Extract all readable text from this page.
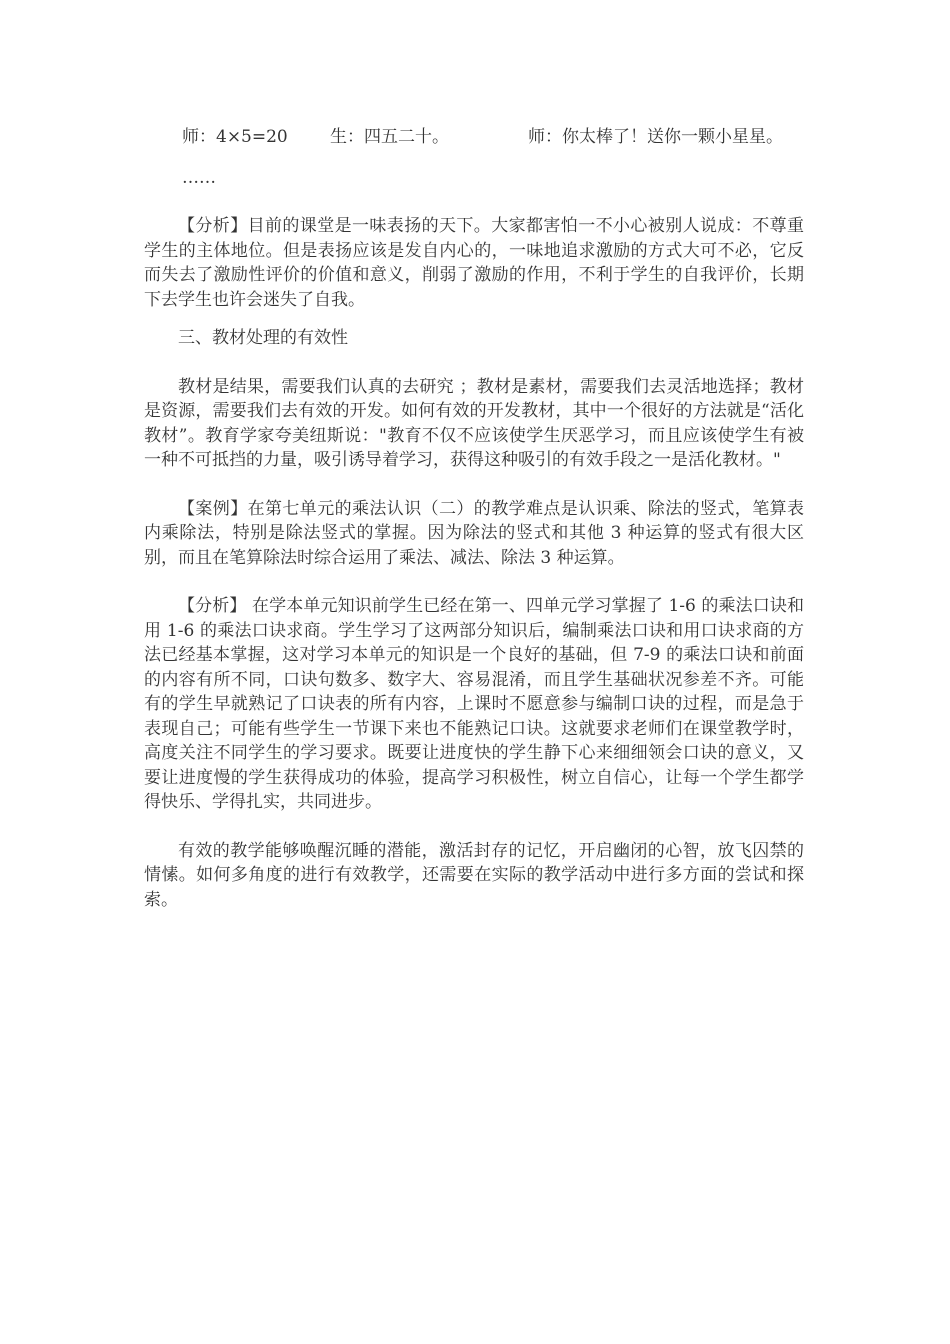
师：4×5=20 生：四五二十。	师：你太棒了！送你一颗小星星。
……

【分析】目前的课堂是一味表扬的天下。大家都害怕一不小心被别人说成：不尊重学生的主体地位。但是表扬应该是发自内心的，一味地追求激励的方式大可不必，它反而失去了激励性评价的价值和意义，削弱了激励的作用，不利于学生的自我评价，长期下去学生也许会迷失了自我。

三、教材处理的有效性

教材是结果，需要我们认真的去研究 ；教材是素材，需要我们去灵活地选择；教材是资源，需要我们去有效的开发。如何有效的开发教材，其中一个很好的方法就是“活化教材”。教育学家夸美纽斯说："教育不仅不应该使学生厌恶学习，而且应该使学生有被一种不可抵挡的力量，吸引诱导着学习，获得这种吸引的有效手段之一是活化教材。"

【案例】在第七单元的乘法认识（二）的教学难点是认识乘、除法的竖式，笔算表内乘除法，特别是除法竖式的掌握。因为除法的竖式和其他 3 种运算的竖式有很大区别，而且在笔算除法时综合运用了乘法、减法、除法 3 种运算。

【分析】 在学本单元知识前学生已经在第一、四单元学习掌握了 1-6 的乘法口诀和用 1-6 的乘法口诀求商。学生学习了这两部分知识后，编制乘法口诀和用口诀求商的方法已经基本掌握，这对学习本单元的知识是一个良好的基础，但 7-9 的乘法口诀和前面的内容有所不同，口诀句数多、数字大、容易混淆，而且学生基础状况参差不齐。可能有的学生早就熟记了口诀表的所有内容，上课时不愿意参与编制口诀的过程，而是急于表现自己；可能有些学生一节课下来也不能熟记口诀。这就要求老师们在课堂教学时，高度关注不同学生的学习要求。既要让进度快的学生静下心来细细领会口诀的意义，又要让进度慢的学生获得成功的体验，提高学习积极性，树立自信心，让每一个学生都学得快乐、学得扎实，共同进步。

有效的教学能够唤醒沉睡的潜能，激活封存的记忆，开启幽闭的心智，放飞囚禁的情愫。如何多角度的进行有效教学，还需要在实际的教学活动中进行多方面的尝试和探索。
